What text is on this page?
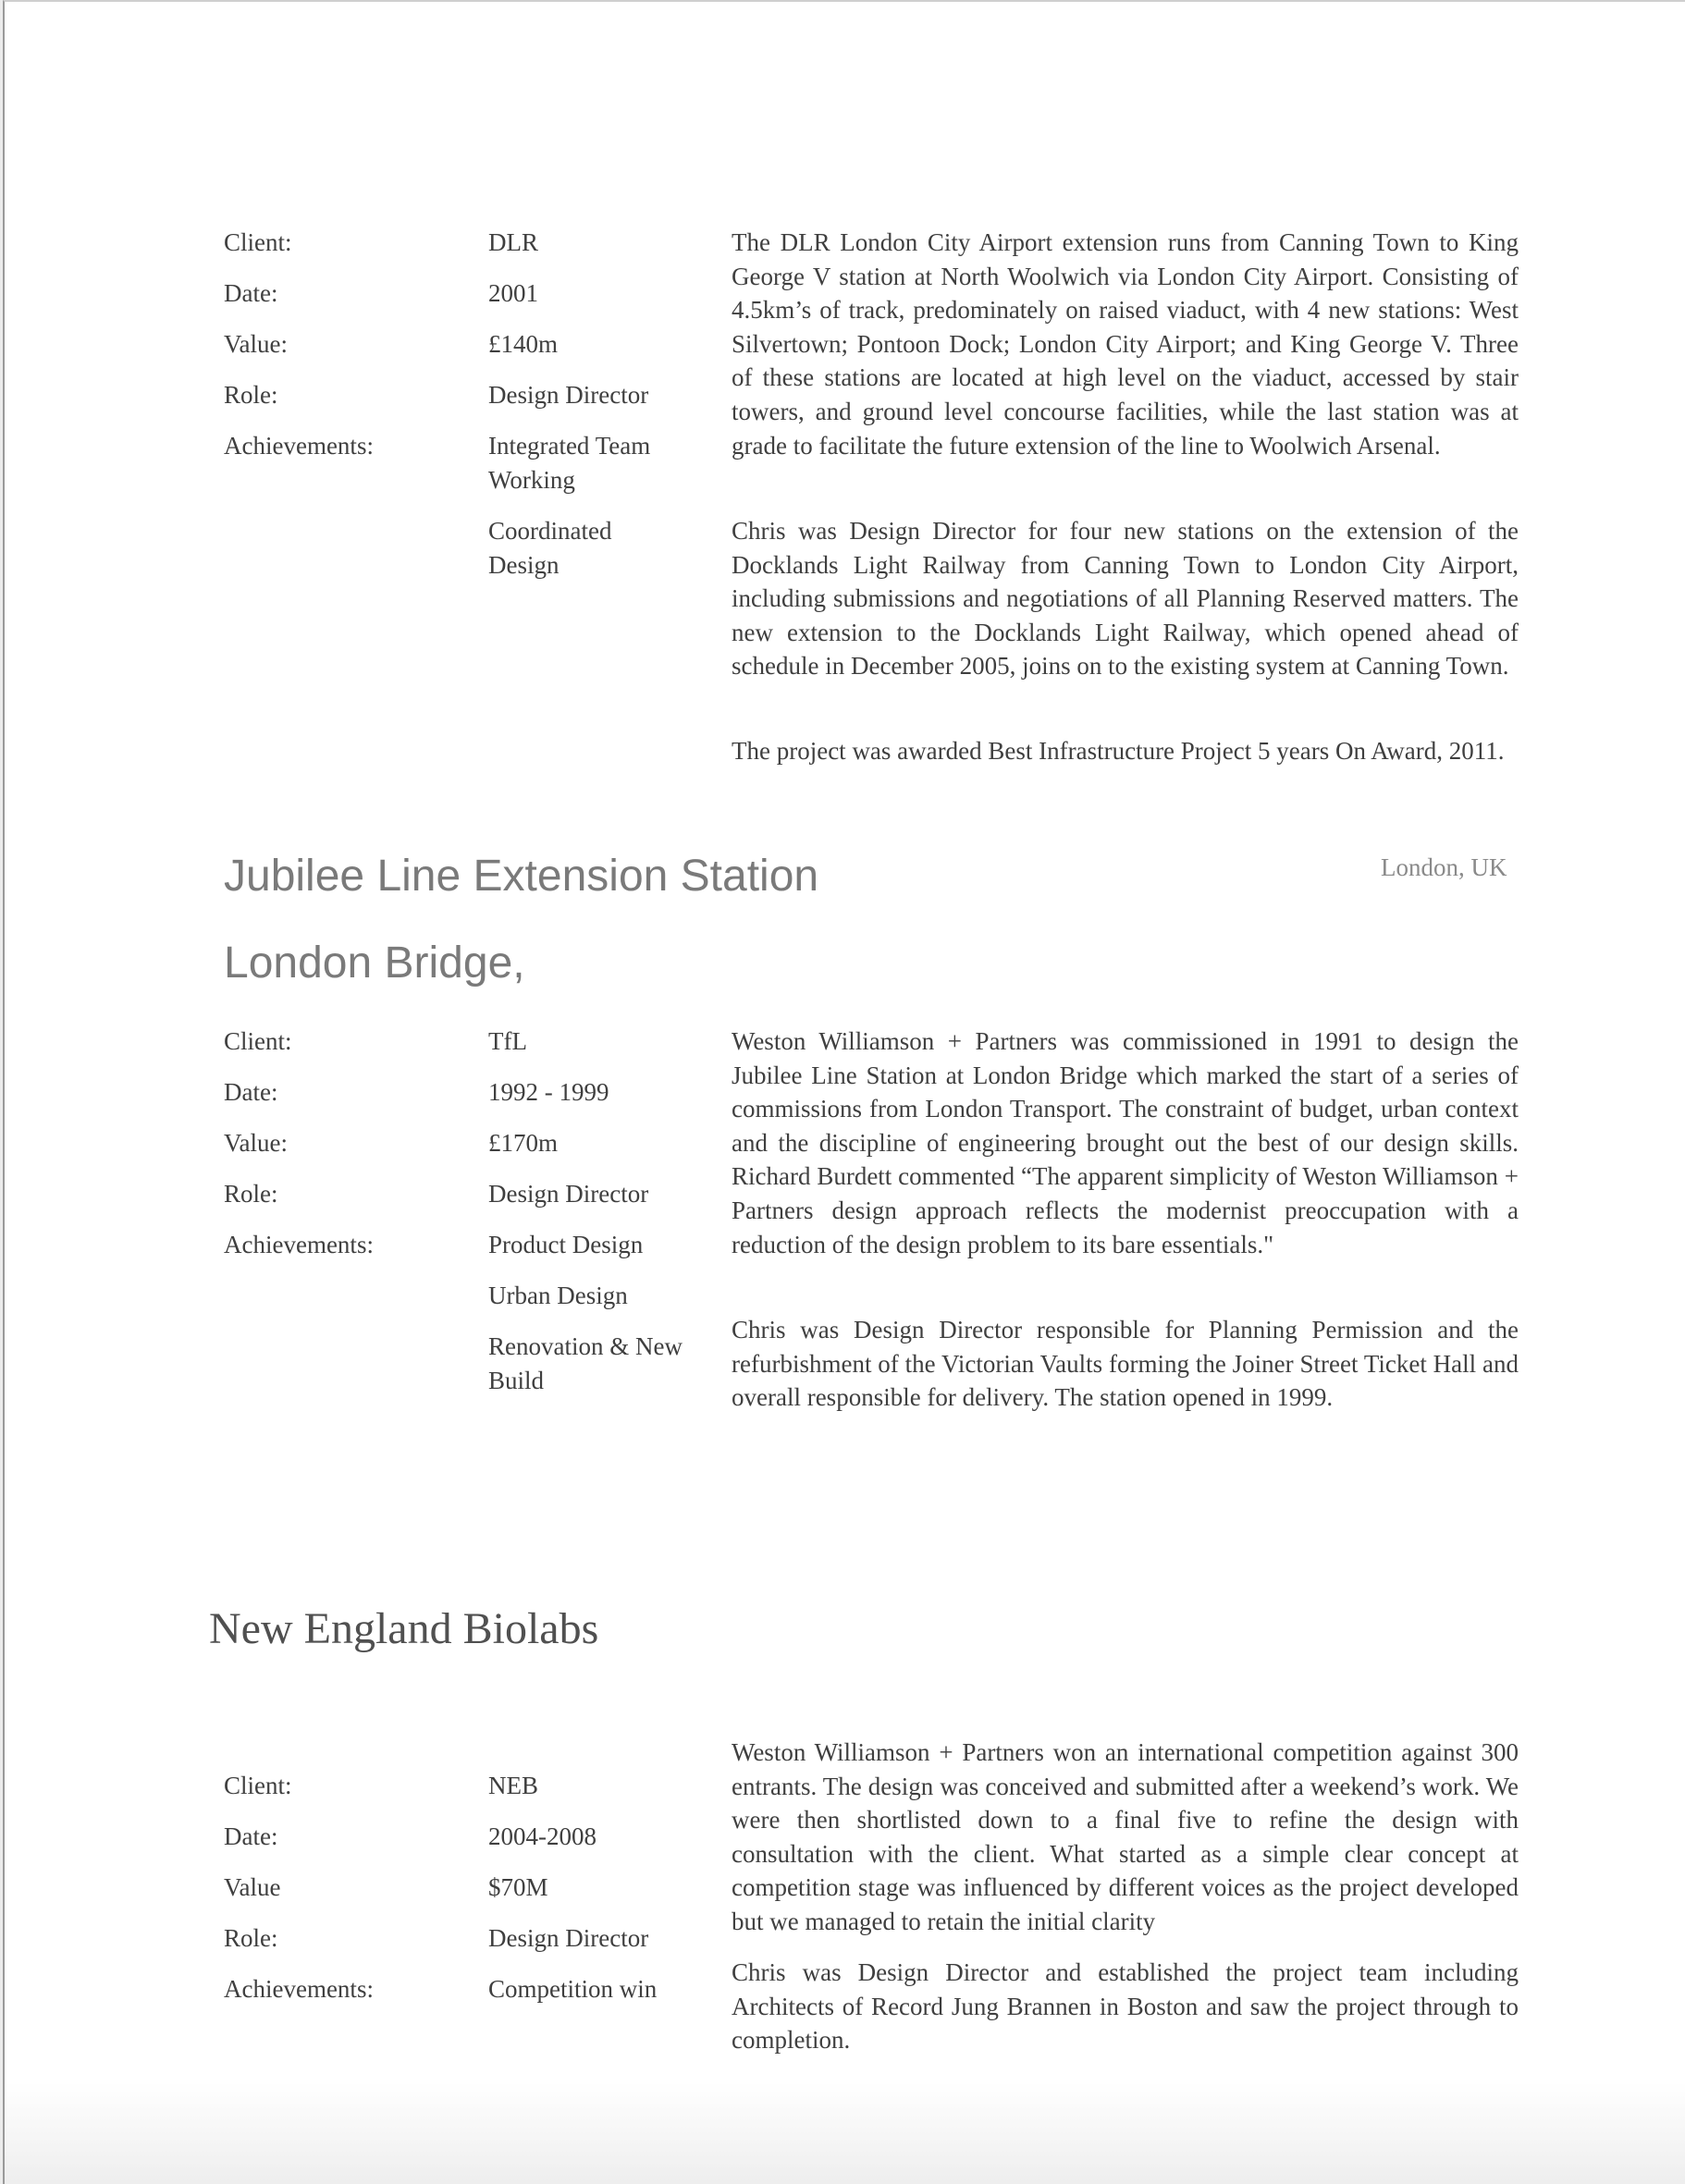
Client:	DLR
Date:	2001
Value:	£140m
Role:	Design Director
Achievements:	Integrated Team Working
Coordinated Design
The DLR London City Airport extension runs from Canning Town to King George V station at North Woolwich via London City Airport. Consisting of 4.5km’s of track, predominately on raised viaduct, with 4 new stations: West Silvertown; Pontoon Dock; London City Airport; and King George V. Three of these stations are located at high level on the viaduct, accessed by stair towers, and ground level concourse facilities, while the last station was at grade to facilitate the future extension of the line to Woolwich Arsenal.
Chris was Design Director for four new stations on the extension of the Docklands Light Railway from Canning Town to London City Airport, including submissions and negotiations of all Planning Reserved matters. The new extension to the Docklands Light Railway, which opened ahead of schedule in December 2005, joins on to the existing system at Canning Town.
The project was awarded Best Infrastructure Project 5 years On Award, 2011.
Jubilee Line Extension Station	London, UK
London Bridge,
Client:	TfL
Date:	1992 - 1999
Value:	£170m
Role:	Design Director
Achievements:	Product Design
Urban Design
Renovation & New Build
Weston Williamson + Partners was commissioned in 1991 to design the Jubilee Line Station at London Bridge which marked the start of a series of commissions from London Transport. The constraint of budget, urban context and the discipline of engineering brought out the best of our design skills. Richard Burdett commented “The apparent simplicity of Weston Williamson + Partners design approach reflects the modernist preoccupation with a reduction of the design problem to its bare essentials."
Chris was Design Director responsible for Planning Permission and the refurbishment of the Victorian Vaults forming the Joiner Street Ticket Hall and overall responsible for delivery. The station opened in 1999.
New England Biolabs
Client:	NEB
Date:	2004-2008
Value	$70M
Role:	Design Director
Achievements:	Competition win
Weston Williamson + Partners won an international competition against 300 entrants. The design was conceived and submitted after a weekend’s work. We were then shortlisted down to a final five to refine the design with consultation with the client. What started as a simple clear concept at competition stage was influenced by different voices as the project developed but we managed to retain the initial clarity
Chris was Design Director and established the project team including Architects of Record Jung Brannen in Boston and saw the project through to completion.
